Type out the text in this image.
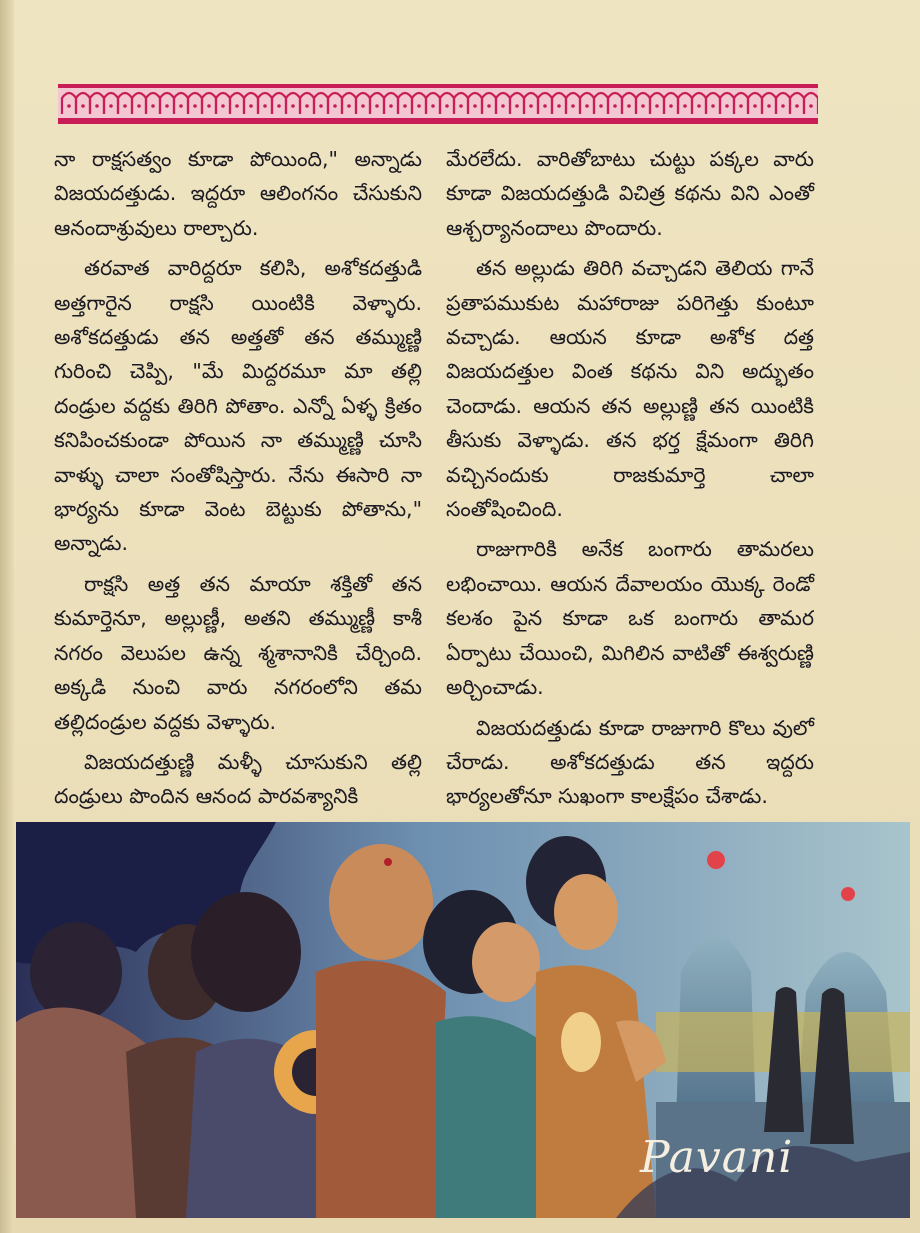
నా రాక్షసత్వం కూడా పోయింది," అన్నాడు విజయదత్తుడు. ఇద్దరూ ఆలింగనం చేసుకుని ఆనందాశ్రువులు రాల్చారు.

తరవాత వారిద్దరూ కలిసి, అశోకదత్తుడి అత్తగారైన రాక్షసి యింటికి వెళ్ళారు. అశోకదత్తుడు తన అత్తతో తన తమ్ముణ్ణి గురించి చెప్పి, "మే మిద్దరమూ మా తల్లి దండ్రుల వద్దకు తిరిగి పోతాం. ఎన్నో ఏళ్ళ క్రితం కనిపించకుండా పోయిన నా తమ్ముణ్ణి చూసి వాళ్ళు చాలా సంతోషిస్తారు. నేను ఈసారి నా భార్యను కూడా వెంట బెట్టుకు పోతాను," అన్నాడు.

రాక్షసి అత్త తన మాయా శక్తితో తన కుమార్తెనూ, అల్లుణ్ణీ, అతని తమ్ముణ్ణీ కాశీ నగరం వెలుపల ఉన్న శ్మశానానికి చేర్చింది. అక్కడి నుంచి వారు నగరంలోని తమ తల్లిదండ్రుల వద్దకు వెళ్ళారు.

విజయదత్తుణ్ణి మళ్ళీ చూసుకుని తల్లి దండ్రులు పొందిన ఆనంద పారవశ్యానికి

మేరలేదు. వారితోబాటు చుట్టు పక్కల వారు కూడా విజయదత్తుడి విచిత్ర కథను విని ఎంతో ఆశ్చర్యానందాలు పొందారు.

తన అల్లుడు తిరిగి వచ్చాడని తెలియ గానే ప్రతాపముకుట మహారాజు పరిగెత్తు కుంటూ వచ్చాడు. ఆయన కూడా అశోక దత్త విజయదత్తుల వింత కథను విని అద్భుతం చెందాడు. ఆయన తన అల్లుణ్ణి తన యింటికి తీసుకు వెళ్ళాడు. తన భర్త క్షేమంగా తిరిగి వచ్చినందుకు రాజకుమార్తె చాలా సంతోషించింది.

రాజుగారికి అనేక బంగారు తామరలు లభించాయి. ఆయన దేవాలయం యొక్క రెండో కలశం పైన కూడా ఒక బంగారు తామర ఏర్పాటు చేయించి, మిగిలిన వాటితో ఈశ్వరుణ్ణి అర్చించాడు.

విజయదత్తుడు కూడా రాజుగారి కొలు వులో చేరాడు. అశోకదత్తుడు తన ఇద్దరు భార్యలతోనూ సుఖంగా కాలక్షేపం చేశాడు.

Pavani
